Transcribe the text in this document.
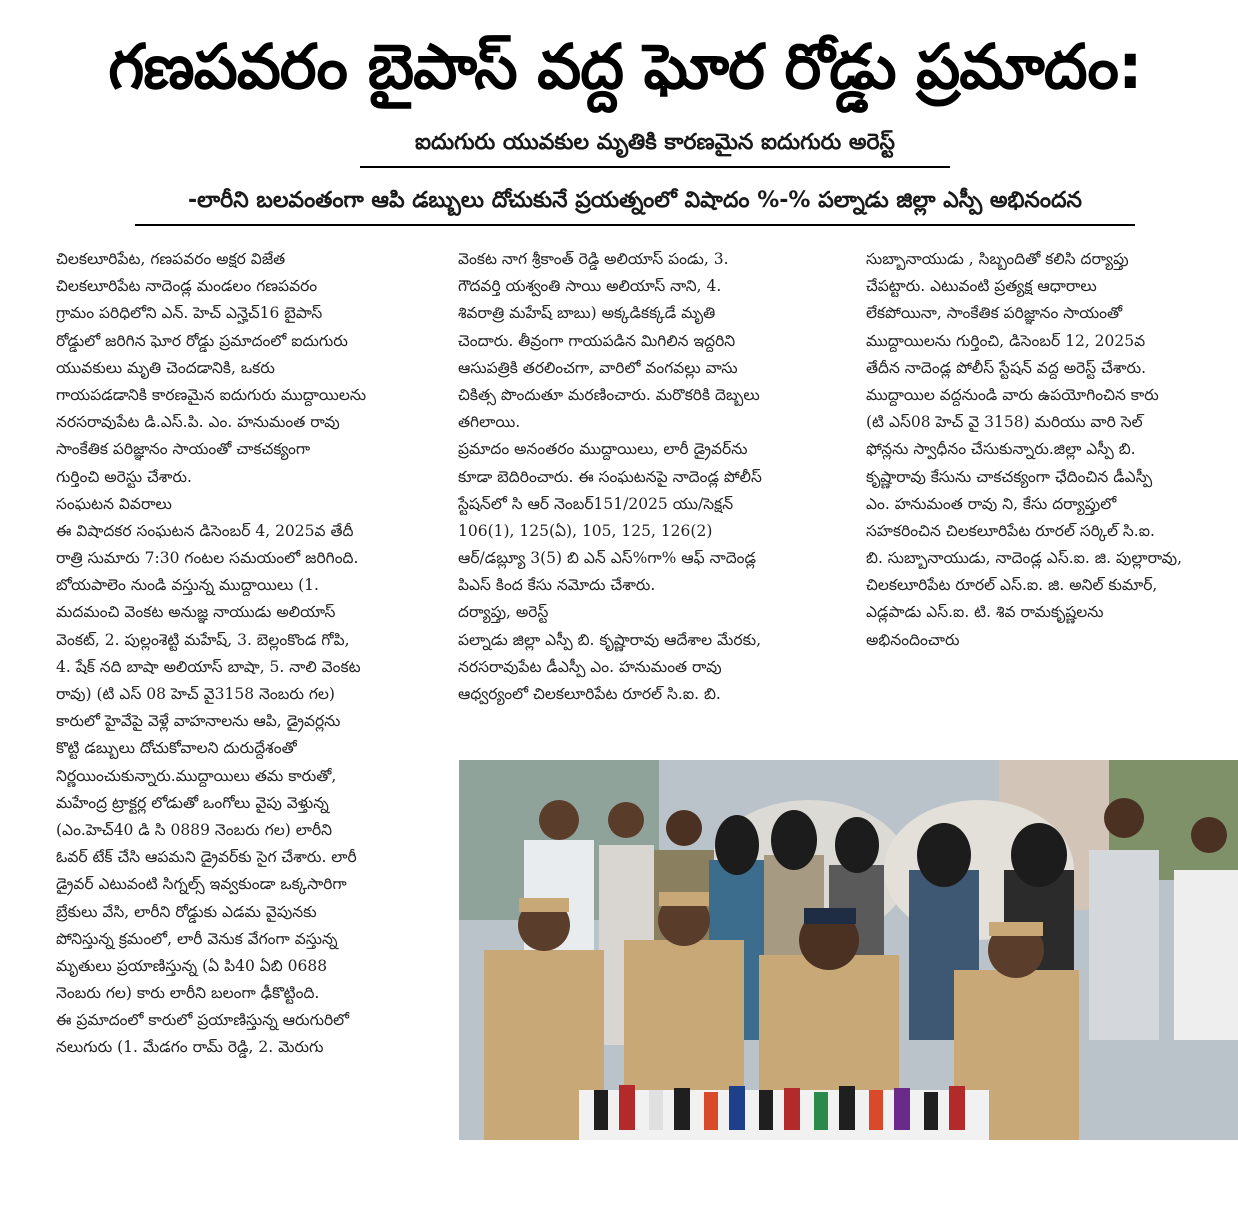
గణపవరం బైపాస్ వద్ద ఘోర రోడ్డు ప్రమాదం:
ఐదుగురు యువకుల మృతికి కారణమైన ఐదుగురు అరెస్ట్
-లారీని బలవంతంగా ఆపి డబ్బులు దోచుకునే ప్రయత్నంలో విషాదం %-% పల్నాడు జిల్లా ఎస్పీ అభినందన
చిలకలూరిపేట, గణపవరం అక్షర విజేత
చిలకలూరిపేట నాదెండ్ల మండలం గణపవరం
గ్రామం పరిధిలోని ఎన్. హెచ్ ఎన్హెచ్16 బైపాస్
రోడ్డులో జరిగిన ఘోర రోడ్డు ప్రమాదంలో ఐదుగురు
యువకులు మృతి చెందడానికి, ఒకరు
గాయపడడానికి కారణమైన ఐదుగురు ముద్దాయిలను
నరసరావుపేట డి.ఎస్.పి. ఎం. హనుమంత రావు
సాంకేతిక పరిజ్ఞానం సాయంతో చాకచక్యంగా
గుర్తించి అరెస్టు చేశారు.
సంఘటన వివరాలు
ఈ విషాదకర సంఘటన డిసెంబర్ 4, 2025వ తేదీ
రాత్రి సుమారు 7:30 గంటల సమయంలో జరిగింది.
బోయపాలెం నుండి వస్తున్న ముద్దాయిలు (1.
మదమంచి వెంకట అనుజ్ఞ నాయుడు అలియాస్
వెంకట్, 2. పుల్లంశెట్టి మహేష్, 3. బెల్లంకొండ గోపి,
4. షేక్ నది బాషా అలియాస్ బాషా, 5. నాలి వెంకట
రావు) (టి ఎస్ 08 హెచ్ వై3158 నెంబరు గల)
కారులో హైవేపై వెళ్లే వాహనాలను ఆపి, డ్రైవర్లను
కొట్టి డబ్బులు దోచుకోవాలని దురుద్దేశంతో
నిర్ణయించుకున్నారు.ముద్దాయిలు తమ కారుతో,
మహేంద్ర ట్రాక్టర్ల లోడుతో ఒంగోలు వైపు వెళ్తున్న
(ఎం.హెచ్40 డి సి 0889 నెంబరు గల) లారీని
ఓవర్ టేక్ చేసి ఆపమని డ్రైవర్‌కు సైగ చేశారు. లారీ
డ్రైవర్ ఎటువంటి సిగ్నల్స్ ఇవ్వకుండా ఒక్కసారిగా
బ్రేకులు వేసి, లారీని రోడ్డుకు ఎడమ వైపునకు
పోనిస్తున్న క్రమంలో, లారీ వెనుక వేగంగా వస్తున్న
మృతులు ప్రయాణిస్తున్న (ఏ పి40 ఏబి 0688
నెంబరు గల) కారు లారీని బలంగా ఢీకొట్టింది.
ఈ ప్రమాదంలో కారులో ప్రయాణిస్తున్న ఆరుగురిలో
నలుగురు (1. మేడగం రామ్ రెడ్డి, 2. మెరుగు
వెంకట నాగ శ్రీకాంత్ రెడ్డి అలియాస్ పండు, 3.
గౌదవర్తి యశ్వంతి సాయి అలియాస్ నాని, 4.
శివరాత్రి మహేష్ బాబు) అక్కడికక్కడే మృతి
చెందారు. తీవ్రంగా గాయపడిన మిగిలిన ఇద్దరిని
ఆసుపత్రికి తరలించగా, వారిలో వంగవల్లు వాసు
చికిత్స పొందుతూ మరణించారు. మరొకరికి దెబ్బలు
తగిలాయి.
ప్రమాదం అనంతరం ముద్దాయిలు, లారీ డ్రైవర్‌ను
కూడా బెదిరించారు. ఈ సంఘటనపై నాదెండ్ల పోలీస్
స్టేషన్‌లో సి ఆర్ నెంబర్151/2025 యు/సెక్షన్
106(1), 125(ఏ), 105, 125, 126(2)
ఆర్/డబ్ల్యూ 3(5) బి ఎన్ ఎస్%గా% ఆఫ్ నాదెండ్ల
పిఎస్ కింద కేసు నమోదు చేశారు.
దర్యాప్తు, అరెస్ట్
పల్నాడు జిల్లా ఎస్పీ బి. కృష్ణారావు ఆదేశాల మేరకు,
నరసరావుపేట డీఎస్పీ ఎం. హనుమంత రావు
ఆధ్వర్యంలో చిలకలూరిపేట రూరల్ సి.ఐ. బి.
సుబ్బానాయుడు , సిబ్బందితో కలిసి దర్యాప్తు
చేపట్టారు. ఎటువంటి ప్రత్యక్ష ఆధారాలు
లేకపోయినా, సాంకేతిక పరిజ్ఞానం సాయంతో
ముద్దాయిలను గుర్తించి, డిసెంబర్ 12, 2025వ
తేదీన నాదెండ్ల పోలీస్ స్టేషన్ వద్ద అరెస్ట్ చేశారు.
ముద్దాయిల వద్దనుండి వారు ఉపయోగించిన కారు
(టి ఎస్08 హెచ్ వై 3158) మరియు వారి సెల్
ఫోన్లను స్వాధీనం చేసుకున్నారు.జిల్లా ఎస్పీ బి.
కృష్ణారావు కేసును చాకచక్యంగా ఛేదించిన డీఎస్పీ
ఎం. హనుమంత రావు ని, కేసు దర్యాప్తులో
సహకరించిన చిలకలూరిపేట రూరల్ సర్కిల్ సి.ఐ.
బి. సుబ్బానాయుడు, నాదెండ్ల ఎస్.ఐ. జి. పుల్లారావు,
చిలకలూరిపేట రూరల్ ఎస్.ఐ. జి. అనిల్ కుమార్,
ఎడ్లపాడు ఎస్.ఐ. టి. శివ రామకృష్ణలను
అభినందించారు
